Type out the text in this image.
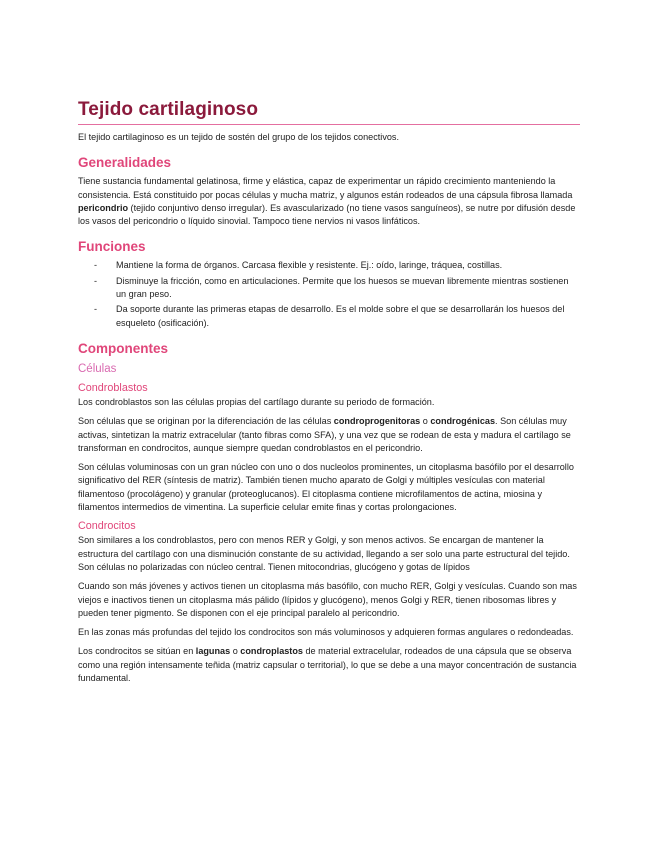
Tejido cartilaginoso

El tejido cartilaginoso es un tejido de sostén del grupo de los tejidos conectivos.

Generalidades

Tiene sustancia fundamental gelatinosa, firme y elástica, capaz de experimentar un rápido crecimiento manteniendo la consistencia. Está constituido por pocas células y mucha matriz, y algunos están rodeados de una cápsula fibrosa llamada pericondrio (tejido conjuntivo denso irregular). Es avascularizado (no tiene vasos sanguíneos), se nutre por difusión desde los vasos del pericondrio o líquido sinovial. Tampoco tiene nervios ni vasos linfáticos.

Funciones
- Mantiene la forma de órganos. Carcasa flexible y resistente. Ej.: oído, laringe, tráquea, costillas.
- Disminuye la fricción, como en articulaciones. Permite que los huesos se muevan libremente mientras sostienen un gran peso.
- Da soporte durante las primeras etapas de desarrollo. Es el molde sobre el que se desarrollarán los huesos del esqueleto (osificación).
Componentes
Células
Condroblastos

Los condroblastos son las células propias del cartílago durante su periodo de formación.

Son células que se originan por la diferenciación de las células condroprogenitoras o condrogénicas. Son células muy activas, sintetizan la matriz extracelular (tanto fibras como SFA), y una vez que se rodean de esta y madura el cartílago se transforman en condrocitos, aunque siempre quedan condroblastos en el pericondrio.

Son células voluminosas con un gran núcleo con uno o dos nucleolos prominentes, un citoplasma basófilo por el desarrollo significativo del RER (síntesis de matriz). También tienen mucho aparato de Golgi y múltiples vesículas con material filamentoso (procolágeno) y granular (proteoglucanos). El citoplasma contiene microfilamentos de actina, miosina y filamentos intermedios de vimentina. La superficie celular emite finas y cortas prolongaciones.

Condrocitos

Son similares a los condroblastos, pero con menos RER y Golgi, y son menos activos. Se encargan de mantener la estructura del cartílago con una disminución constante de su actividad, llegando a ser solo una parte estructural del tejido. Son células no polarizadas con núcleo central. Tienen mitocondrias, glucógeno y gotas de lípidos

Cuando son más jóvenes y activos tienen un citoplasma más basófilo, con mucho RER, Golgi y vesículas. Cuando son mas viejos e inactivos tienen un citoplasma más pálido (lípidos y glucógeno), menos Golgi y RER, tienen ribosomas libres y pueden tener pigmento. Se disponen con el eje principal paralelo al pericondrio.

En las zonas más profundas del tejido los condrocitos son más voluminosos y adquieren formas angulares o redondeadas.

Los condrocitos se sitúan en lagunas o condroplastos de material extracelular, rodeados de una cápsula que se observa como una región intensamente teñida (matriz capsular o territorial), lo que se debe a una mayor concentración de sustancia fundamental.
